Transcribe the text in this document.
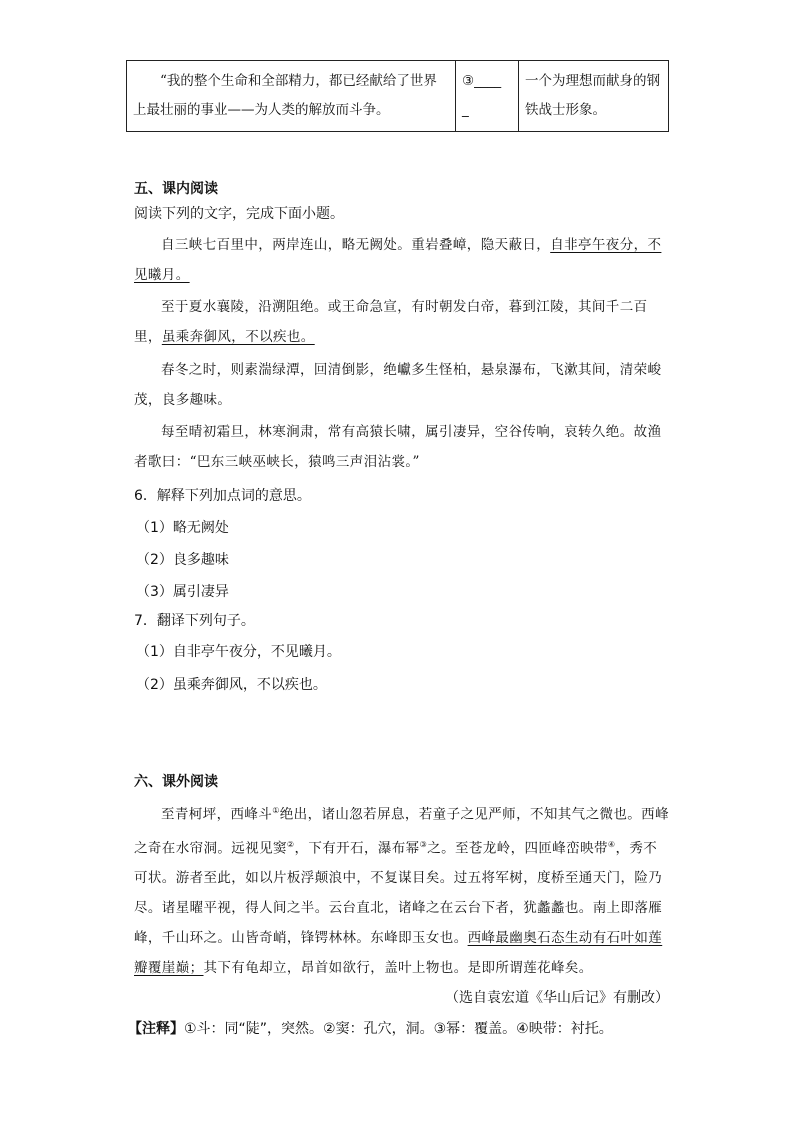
“我的整个生命和全部精力，都已经献给了世界上最壮丽的事业——为人类的解放而斗争。
	③____ _	一个为理想而献身的钢铁战士形象。
五、课内阅读
阅读下列的文字，完成下面小题。
自三峡七百里中，两岸连山，略无阙处。重岩叠嶂，隐天蔽日，自非亭午夜分，不见曦月。
至于夏水襄陵，沿溯阻绝。或王命急宣，有时朝发白帝，暮到江陵，其间千二百里，虽乘奔御风，不以疾也。
春冬之时，则素湍绿潭，回清倒影，绝巘多生怪柏，悬泉瀑布，飞漱其间，清荣峻茂，良多趣味。
每至晴初霜旦，林寒涧肃，常有高猿长啸，属引凄异，空谷传响，哀转久绝。故渔者歌曰：“巴东三峡巫峡长，猿鸣三声泪沾裳。”
6．解释下列加点词的意思。
（1）略无阙处
（2）良多趣味
（3）属引凄异
7．翻译下列句子。
（1）自非亭午夜分，不见曦月。
（2）虽乘奔御风，不以疾也。
六、课外阅读
至青柯坪，西峰斗①绝出，诸山忽若屏息，若童子之见严师，不知其气之微也。西峰之奇在水帘洞。远视见窦②，下有开石，瀑布幂③之。至苍龙岭，四匝峰峦映带④，秀不可状。游者至此，如以片板浮颠浪中，不复谋目矣。过五将军树，度桥至通天门，险乃尽。诸星曜平视，得人间之半。云台直北，诸峰之在云台下者，犹蠡蠡也。南上即落雁峰，千山环之。山皆奇峭，锋锷林林。东峰即玉女也。西峰最幽奥石态生动有石叶如莲瓣覆崖巅；其下有龟却立，昂首如欲行，盖叶上物也。是即所谓莲花峰矣。
（选自袁宏道《华山后记》有删改）
【注释】①斗：同“陡”，突然。②窦：孔穴，洞。③幂：覆盖。④映带：衬托。
